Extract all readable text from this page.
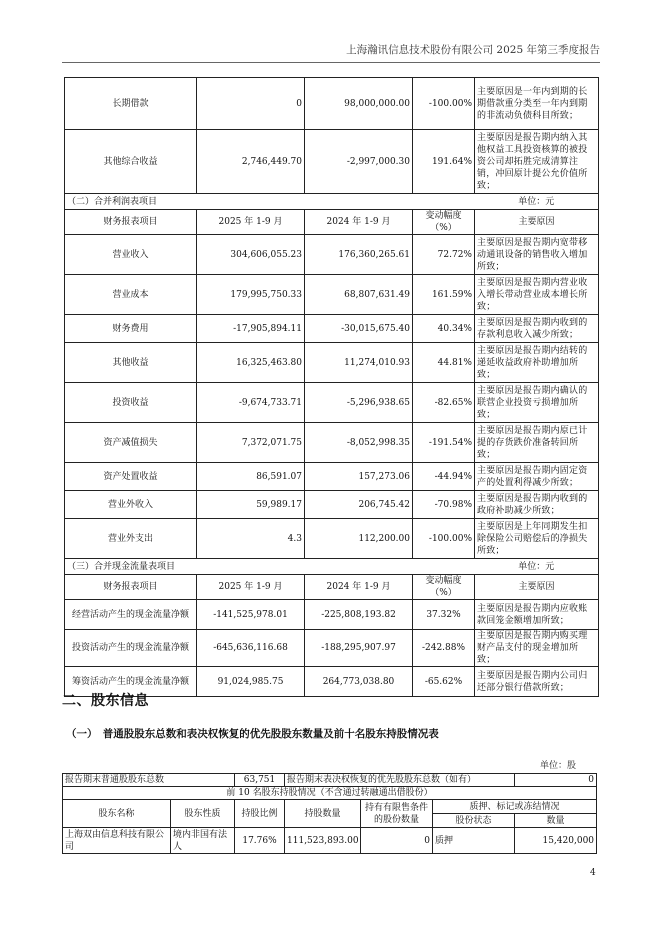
上海瀚讯信息技术股份有限公司 2025 年第三季度报告
长期借款	0	98,000,000.00	-100.00%	主要原因是一年内到期的长期借款重分类至一年内到期的非流动负债科目所致；
其他综合收益	2,746,449.70	-2,997,000.30	191.64%	主要原因是报告期内纳入其他权益工具投资核算的被投资公司却拓胜完成清算注销，冲回原计提公允价值所致；
（二）合并利润表项目				单位：元
财务报表项目	2025 年 1-9 月	2024 年 1-9 月	变动幅度（%）	主要原因
营业收入	304,606,055.23	176,360,265.61	72.72%	主要原因是报告期内宽带移动通讯设备的销售收入增加所致；
营业成本	179,995,750.33	68,807,631.49	161.59%	主要原因是报告期内营业收入增长带动营业成本增长所致；
财务费用	-17,905,894.11	-30,015,675.40	40.34%	主要原因是报告期内收到的存款利息收入减少所致；
其他收益	16,325,463.80	11,274,010.93	44.81%	主要原因是报告期内结转的递延收益政府补助增加所致；
投资收益	-9,674,733.71	-5,296,938.65	-82.65%	主要原因是报告期内确认的联营企业投资亏损增加所致；
资产减值损失	7,372,071.75	-8,052,998.35	-191.54%	主要原因是报告期内原已计提的存货跌价准备转回所致；
资产处置收益	86,591.07	157,273.06	-44.94%	主要原因是报告期内固定资产的处置利得减少所致；
营业外收入	59,989.17	206,745.42	-70.98%	主要原因是报告期内收到的政府补助减少所致；
营业外支出	4.3	112,200.00	-100.00%	主要原因是上年同期发生扣除保险公司赔偿后的净损失所致；
（三）合并现金流量表项目				单位：元
财务报表项目	2025 年 1-9 月	2024 年 1-9 月	变动幅度（%）	主要原因
经营活动产生的现金流量净额	-141,525,978.01	-225,808,193.82	37.32%	主要原因是报告期内应收账款回笼金额增加所致；
投资活动产生的现金流量净额	-645,636,116.68	-188,295,907.97	-242.88%	主要原因是报告期内购买理财产品支付的现金增加所致；
筹资活动产生的现金流量净额	91,024,985.75	264,773,038.80	-65.62%	主要原因是报告期内公司归还部分银行借款所致；
二、股东信息
（一）　普通股股东总数和表决权恢复的优先股股东数量及前十名股东持股情况表
单位：股
报告期末普通股股东总数		63,751	报告期末表决权恢复的优先股股东总数（如有）			0
前 10 名股东持股情况（不含通过转融通出借股份）						
股东名称	股东性质	持股比例	持股数量	持有有限售条件的股份数量	质押、标记或冻结情况	
					股份状态	数量
上海双由信息科技有限公司	境内非国有法人	17.76%	111,523,893.00	0	质押	15,420,000
4
